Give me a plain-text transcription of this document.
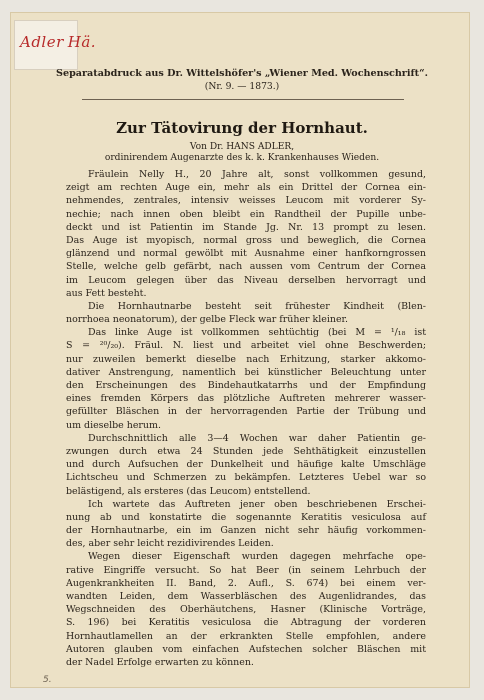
Adler Hä.
Separatabdruck aus Dr. Wittelshöfer's „Wiener Med. Wochenschrift“.
(Nr. 9. — 1873.)
Zur Tätovirung der Hornhaut.
Von Dr. HANS ADLER,
ordinirendem Augenarzte des k. k. Krankenhauses Wieden.
Fräulein Nelly H., 20 Jahre alt, sonst vollkommen gesund,
zeigt am rechten Auge ein, mehr als ein Drittel der Cornea ein-
nehmendes, zentrales, intensiv weisses Leucom mit vorderer Sy-
nechie; nach innen oben bleibt ein Randtheil der Pupille unbe-
deckt und ist Patientin im Stande Jg. Nr. 13 prompt zu lesen.
Das Auge ist myopisch, normal gross und beweglich, die Cornea
glänzend und normal gewölbt mit Ausnahme einer hanfkorngrossen
Stelle, welche gelb gefärbt, nach aussen vom Centrum der Cornea
im Leucom gelegen über das Niveau derselben hervorragt und
aus Fett besteht.
Die Hornhautnarbe besteht seit frühester Kindheit (Blen-
norrhoea neonatorum), der gelbe Fleck war früher kleiner.
Das linke Auge ist vollkommen sehtüchtig (bei M = ¹/₁₈ ist
S = ²⁰/₂₀). Fräul. N. liest und arbeitet viel ohne Beschwerden;
nur zuweilen bemerkt dieselbe nach Erhitzung, starker akkomo-
dativer Anstrengung, namentlich bei künstlicher Beleuchtung unter
den Erscheinungen des Bindehautkatarrhs und der Empfindung
eines fremden Körpers das plötzliche Auftreten mehrerer wasser-
gefüllter Bläschen in der hervorragenden Partie der Trübung und
um dieselbe herum.
Durchschnittlich alle 3—4 Wochen war daher Patientin ge-
zwungen durch etwa 24 Stunden jede Sehthätigkeit einzustellen
und durch Aufsuchen der Dunkelheit und häufige kalte Umschläge
Lichtscheu und Schmerzen zu bekämpfen. Letzteres Uebel war so
belästigend, als ersteres (das Leucom) entstellend.
Ich wartete das Auftreten jener oben beschriebenen Erschei-
nung ab und konstatirte die sogenannte Keratitis vesiculosa auf
der Hornhautnarbe, ein im Ganzen nicht sehr häufig vorkommen-
des, aber sehr leicht rezidivirendes Leiden.
Wegen dieser Eigenschaft wurden dagegen mehrfache ope-
rative Eingriffe versucht. So hat Beer (in seinem Lehrbuch der
Augenkrankheiten II. Band, 2. Aufl., S. 674) bei einem ver-
wandten Leiden, dem Wasserbläschen des Augenlidrandes, das
Wegschneiden des Oberhäutchens, Hasner (Klinische Vorträge,
S. 196) bei Keratitis vesiculosa die Abtragung der vorderen
Hornhautlamellen an der erkrankten Stelle empfohlen, andere
Autoren glauben vom einfachen Aufstechen solcher Bläschen mit
der Nadel Erfolge erwarten zu können.
5.
